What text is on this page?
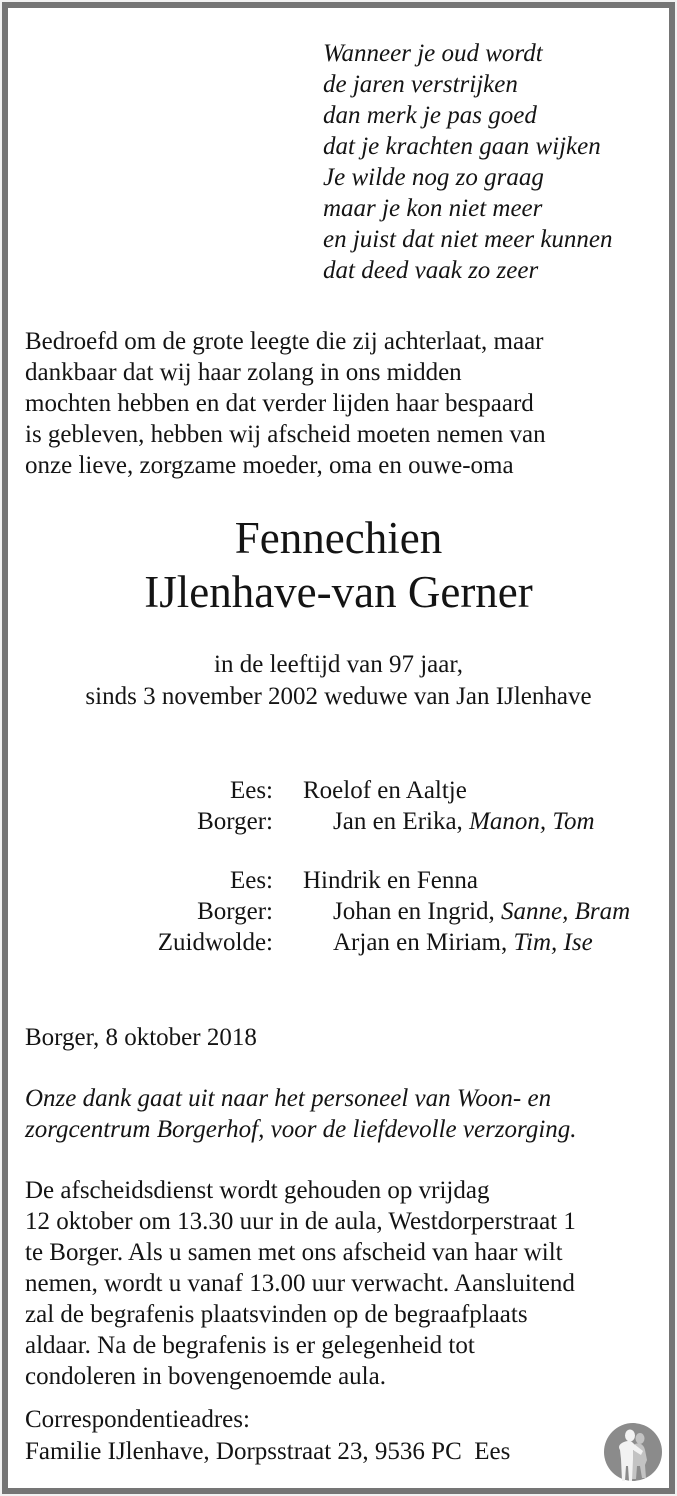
Wanneer je oud wordt
de jaren verstrijken
dan merk je pas goed
dat je krachten gaan wijken
Je wilde nog zo graag
maar je kon niet meer
en juist dat niet meer kunnen
dat deed vaak zo zeer
Bedroefd om de grote leegte die zij achterlaat, maar
dankbaar dat wij haar zolang in ons midden
mochten hebben en dat verder lijden haar bespaard
is gebleven, hebben wij afscheid moeten nemen van
onze lieve, zorgzame moeder, oma en ouwe-oma
Fennechien
IJlenhave-van Gerner
in de leeftijd van 97 jaar,
sinds 3 november 2002 weduwe van Jan IJlenhave
Ees: Roelof en Aaltje
Borger: Jan en Erika, Manon, Tom
Ees: Hindrik en Fenna
Borger: Johan en Ingrid, Sanne, Bram
Zuidwolde: Arjan en Miriam, Tim, Ise
Borger, 8 oktober 2018
Onze dank gaat uit naar het personeel van Woon- en
zorgcentrum Borgerhof, voor de liefdevolle verzorging.
De afscheidsdienst wordt gehouden op vrijdag
12 oktober om 13.30 uur in de aula, Westdorperstraat 1
te Borger. Als u samen met ons afscheid van haar wilt
nemen, wordt u vanaf 13.00 uur verwacht. Aansluitend
zal de begrafenis plaatsvinden op de begraafplaats
aldaar. Na de begrafenis is er gelegenheid tot
condoleren in bovengenoemde aula.
Correspondentieadres:
Familie IJlenhave, Dorpsstraat 23, 9536 PC  Ees
